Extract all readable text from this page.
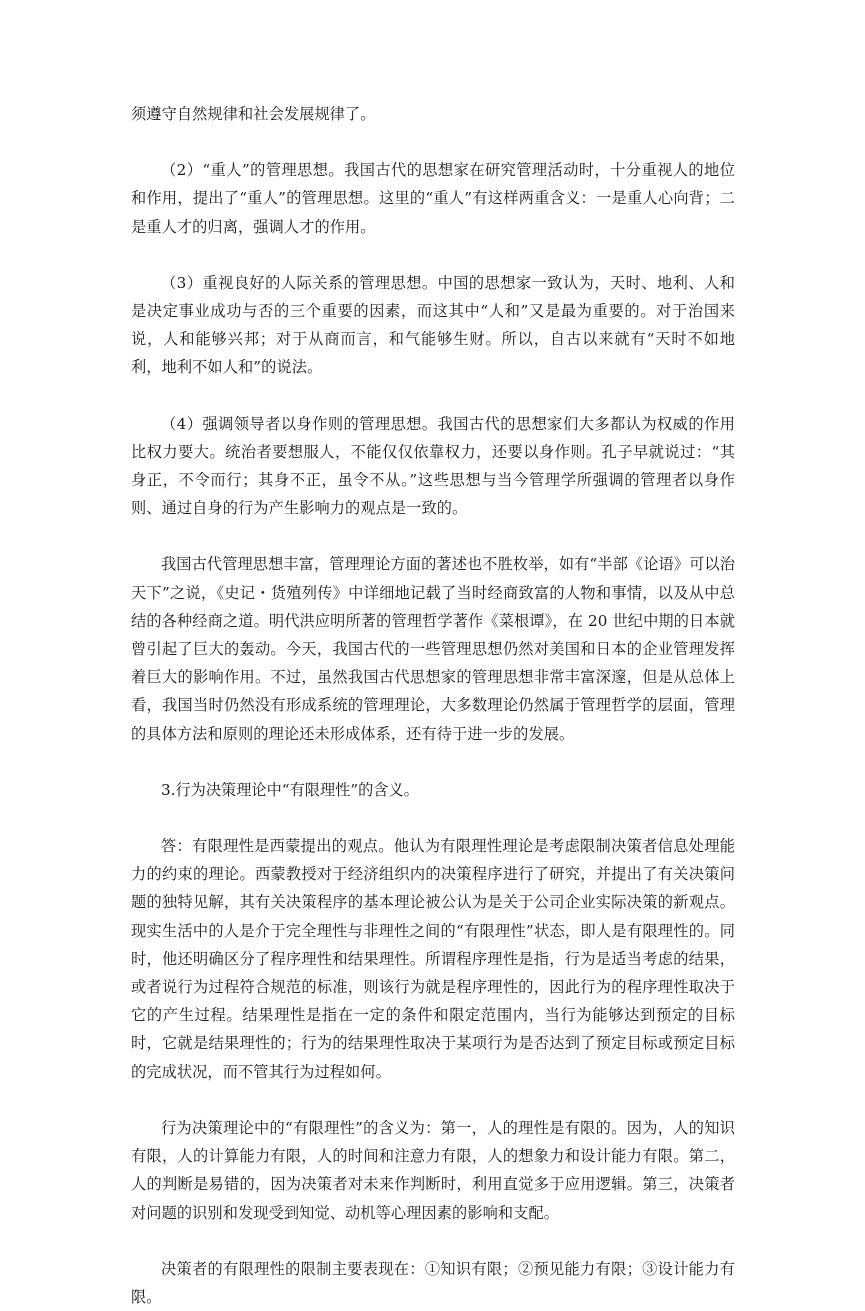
须遵守自然规律和社会发展规律了。

（2）“重人”的管理思想。我国古代的思想家在研究管理活动时，十分重视人的地位和作用，提出了“重人”的管理思想。这里的“重人”有这样两重含义：一是重人心向背；二是重人才的归离，强调人才的作用。

（3）重视良好的人际关系的管理思想。中国的思想家一致认为，天时、地利、人和是决定事业成功与否的三个重要的因素，而这其中“人和”又是最为重要的。对于治国来说，人和能够兴邦；对于从商而言，和气能够生财。所以，自古以来就有“天时不如地利，地利不如人和”的说法。

（4）强调领导者以身作则的管理思想。我国古代的思想家们大多都认为权威的作用比权力要大。统治者要想服人，不能仅仅依靠权力，还要以身作则。孔子早就说过：“其身正，不令而行；其身不正，虽令不从。”这些思想与当今管理学所强调的管理者以身作则、通过自身的行为产生影响力的观点是一致的。

我国古代管理思想丰富，管理理论方面的著述也不胜枚举，如有“半部《论语》可以治天下”之说，《史记・货殖列传》中详细地记载了当时经商致富的人物和事情，以及从中总结的各种经商之道。明代洪应明所著的管理哲学著作《菜根谭》，在 20 世纪中期的日本就曾引起了巨大的轰动。今天，我国古代的一些管理思想仍然对美国和日本的企业管理发挥着巨大的影响作用。不过，虽然我国古代思想家的管理思想非常丰富深邃，但是从总体上看，我国当时仍然没有形成系统的管理理论，大多数理论仍然属于管理哲学的层面，管理的具体方法和原则的理论还未形成体系，还有待于进一步的发展。

3.行为决策理论中“有限理性”的含义。

答：有限理性是西蒙提出的观点。他认为有限理性理论是考虑限制决策者信息处理能力的约束的理论。西蒙教授对于经济组织内的决策程序进行了研究，并提出了有关决策问题的独特见解，其有关决策程序的基本理论被公认为是关于公司企业实际决策的新观点。现实生活中的人是介于完全理性与非理性之间的“有限理性”状态，即人是有限理性的。同时，他还明确区分了程序理性和结果理性。所谓程序理性是指，行为是适当考虑的结果，或者说行为过程符合规范的标准，则该行为就是程序理性的，因此行为的程序理性取决于它的产生过程。结果理性是指在一定的条件和限定范围内，当行为能够达到预定的目标时，它就是结果理性的；行为的结果理性取决于某项行为是否达到了预定目标或预定目标的完成状况，而不管其行为过程如何。

行为决策理论中的“有限理性”的含义为：第一，人的理性是有限的。因为，人的知识有限，人的计算能力有限，人的时间和注意力有限，人的想象力和设计能力有限。第二，人的判断是易错的，因为决策者对未来作判断时，利用直觉多于应用逻辑。第三，决策者对问题的识别和发现受到知觉、动机等心理因素的影响和支配。

决策者的有限理性的限制主要表现在：①知识有限；②预见能力有限；③设计能力有限。
